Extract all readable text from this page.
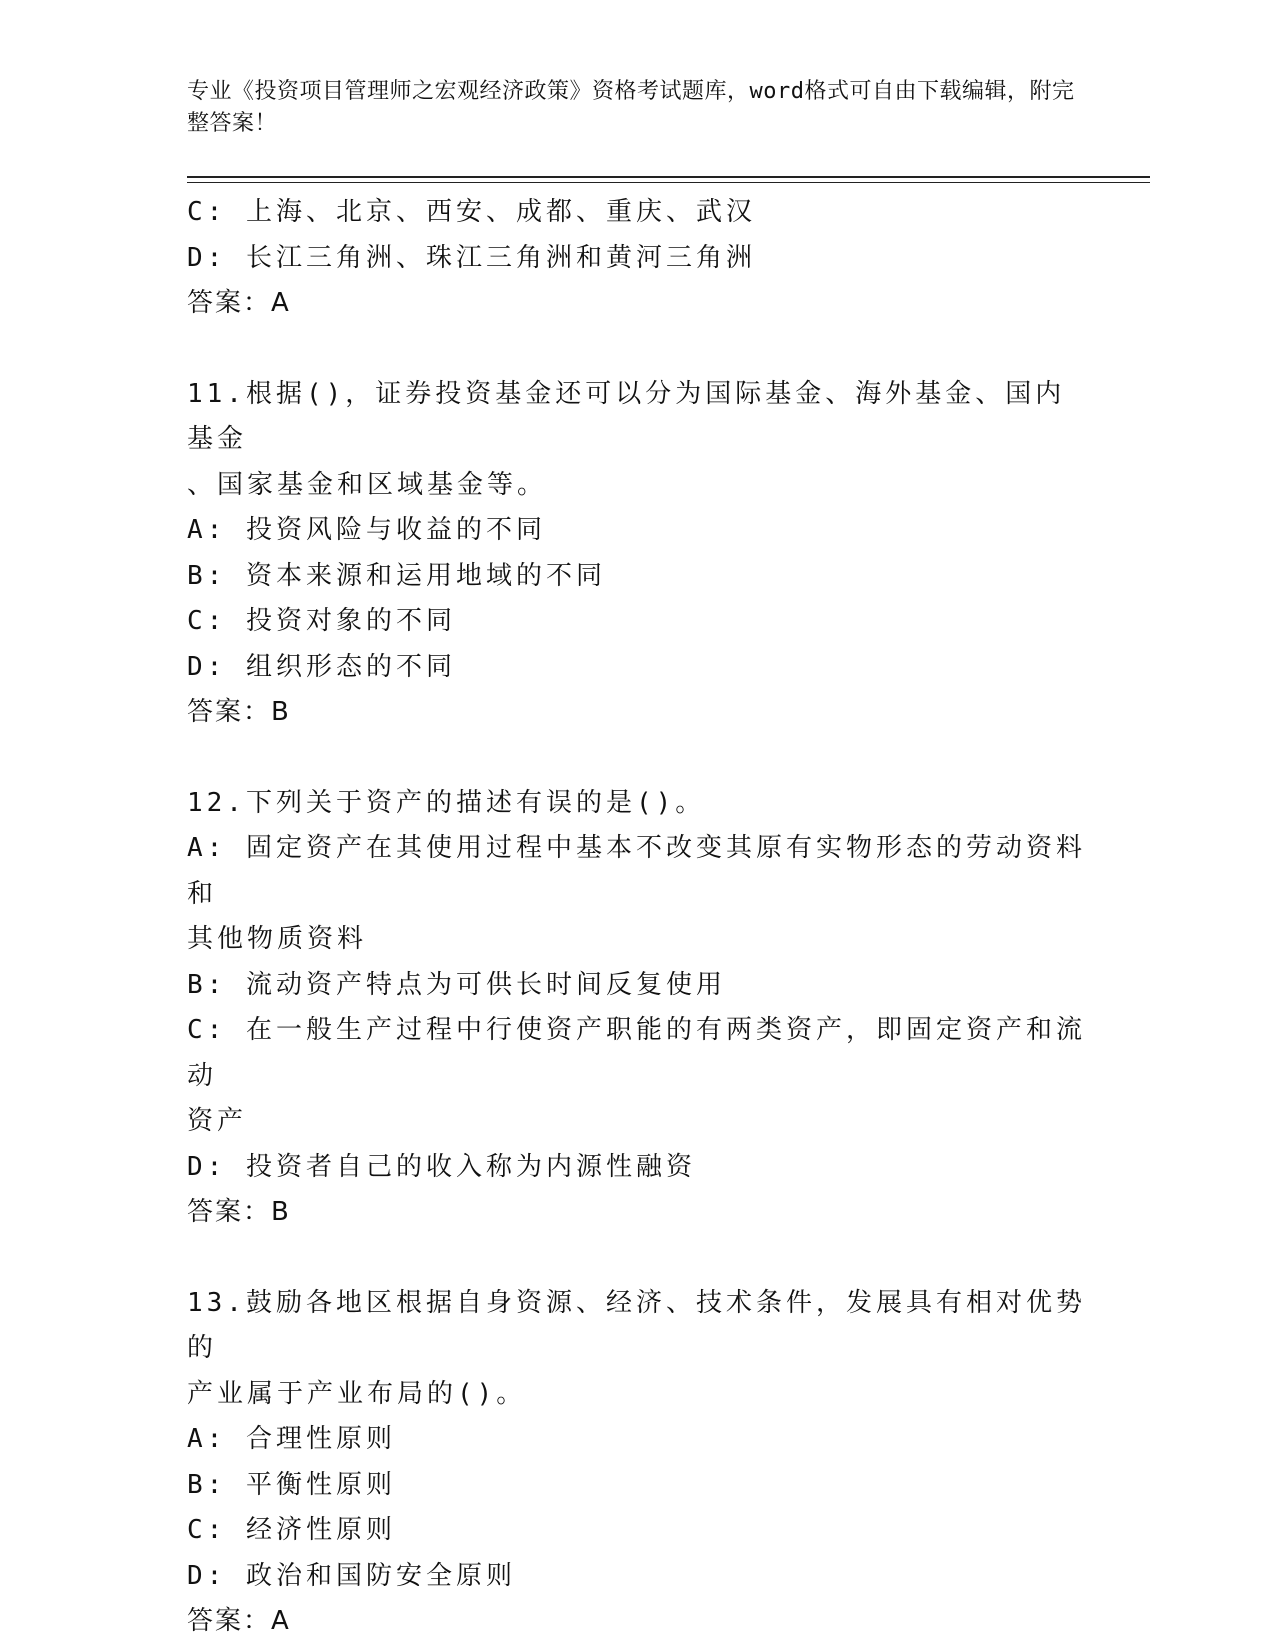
专业《投资项目管理师之宏观经济政策》资格考试题库，word格式可自由下载编辑，附完整答案！
C: 上海、北京、西安、成都、重庆、武汉
D: 长江三角洲、珠江三角洲和黄河三角洲
答案：A
11.根据()，证券投资基金还可以分为国际基金、海外基金、国内基金
、国家基金和区域基金等。
A: 投资风险与收益的不同
B: 资本来源和运用地域的不同
C: 投资对象的不同
D: 组织形态的不同
答案：B
12.下列关于资产的描述有误的是()。
A: 固定资产在其使用过程中基本不改变其原有实物形态的劳动资料和
其他物质资料
B: 流动资产特点为可供长时间反复使用
C: 在一般生产过程中行使资产职能的有两类资产，即固定资产和流动
资产
D: 投资者自己的收入称为内源性融资
答案：B
13.鼓励各地区根据自身资源、经济、技术条件，发展具有相对优势的
产业属于产业布局的()。
A: 合理性原则
B: 平衡性原则
C: 经济性原则
D: 政治和国防安全原则
答案：A
